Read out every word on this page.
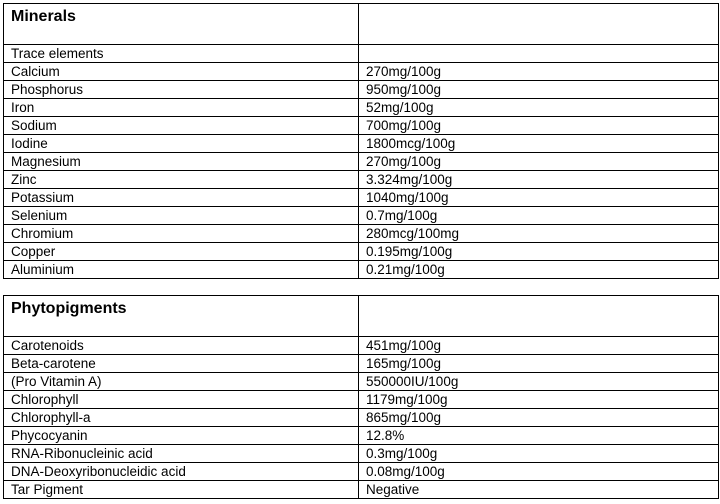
Minerals	
Trace elements	
Calcium	270mg/100g
Phosphorus	950mg/100g
Iron	52mg/100g
Sodium	700mg/100g
Iodine	1800mcg/100g
Magnesium	270mg/100g
Zinc	3.324mg/100g
Potassium	1040mg/100g
Selenium	0.7mg/100g
Chromium	280mcg/100mg
Copper	0.195mg/100g
Aluminium	0.21mg/100g
Phytopigments	
Carotenoids	451mg/100g
Beta-carotene	165mg/100g
(Pro Vitamin A)	550000IU/100g
Chlorophyll	1179mg/100g
Chlorophyll-a	865mg/100g
Phycocyanin	12.8%
RNA-Ribonucleinic acid	0.3mg/100g
DNA-Deoxyribonucleidic acid	0.08mg/100g
Tar Pigment	Negative
